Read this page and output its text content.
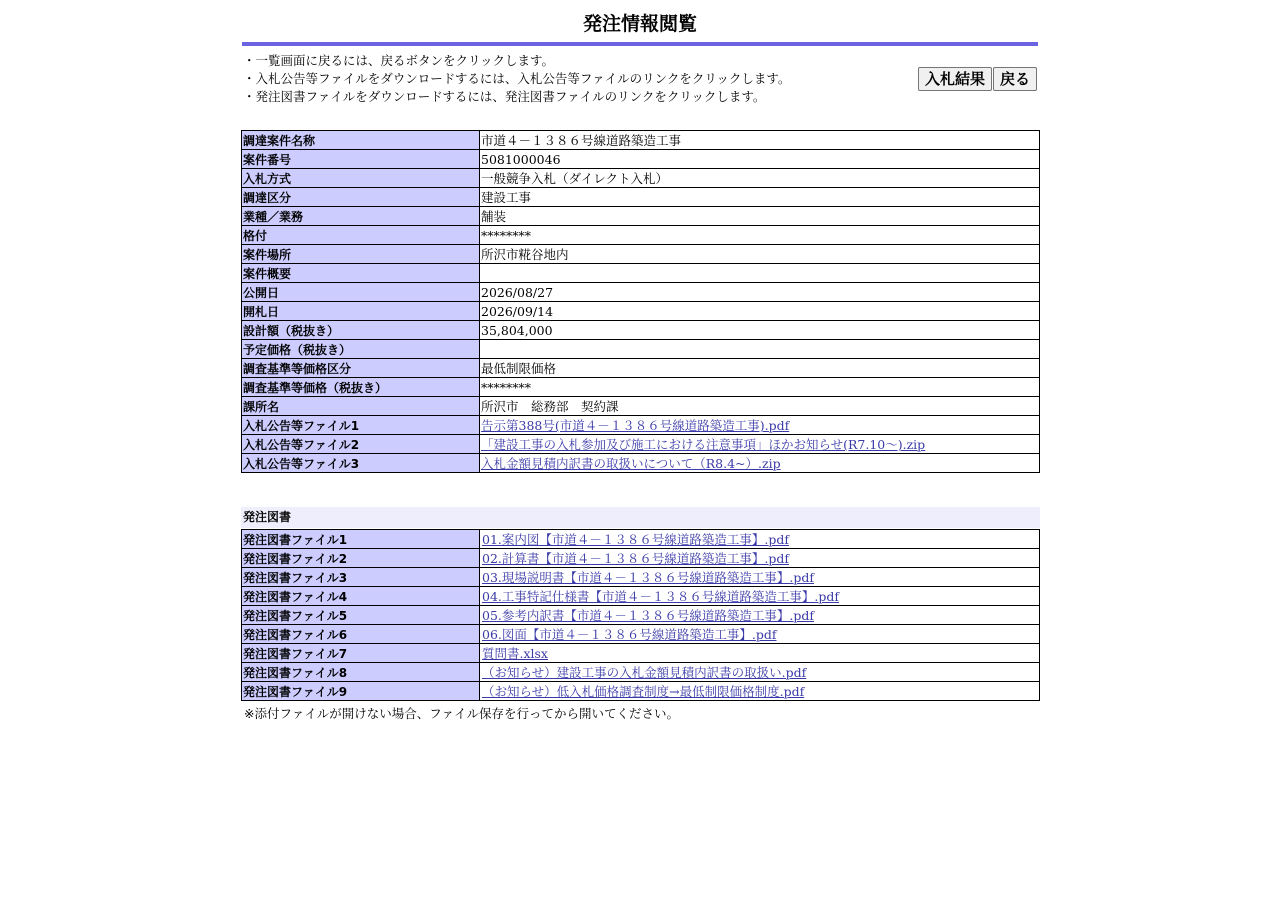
発注情報閲覧
・一覧画面に戻るには、戻るボタンをクリックします。
・入札公告等ファイルをダウンロードするには、入札公告等ファイルのリンクをクリックします。
・発注図書ファイルをダウンロードするには、発注図書ファイルのリンクをクリックします。
入札結果 戻る
調達案件名称	市道４－１３８６号線道路築造工事
案件番号	5081000046
入札方式	一般競争入札（ダイレクト入札）
調達区分	建設工事
業種／業務	舗装
格付	********
案件場所	所沢市糀谷地内
案件概要	
公開日	2026/08/27
開札日	2026/09/14
設計額（税抜き）	35,804,000
予定価格（税抜き）	
調査基準等価格区分	最低制限価格
調査基準等価格（税抜き）	********
課所名	所沢市　総務部　契約課
入札公告等ファイル1	告示第388号(市道４－１３８６号線道路築造工事).pdf
入札公告等ファイル2	「建設工事の入札参加及び施工における注意事項」ほかお知らせ(R7.10～).zip
入札公告等ファイル3	入札金額見積内訳書の取扱いについて（R8.4~）.zip
発注図書
発注図書ファイル1	01.案内図【市道４－１３８６号線道路築造工事】.pdf
発注図書ファイル2	02.計算書【市道４－１３８６号線道路築造工事】.pdf
発注図書ファイル3	03.現場説明書【市道４－１３８６号線道路築造工事】.pdf
発注図書ファイル4	04.工事特記仕様書【市道４－１３８６号線道路築造工事】.pdf
発注図書ファイル5	05.参考内訳書【市道４－１３８６号線道路築造工事】.pdf
発注図書ファイル6	06.図面【市道４－１３８６号線道路築造工事】.pdf
発注図書ファイル7	質問書.xlsx
発注図書ファイル8	（お知らせ）建設工事の入札金額見積内訳書の取扱い.pdf
発注図書ファイル9	（お知らせ）低入札価格調査制度→最低制限価格制度.pdf
※添付ファイルが開けない場合、ファイル保存を行ってから開いてください。
